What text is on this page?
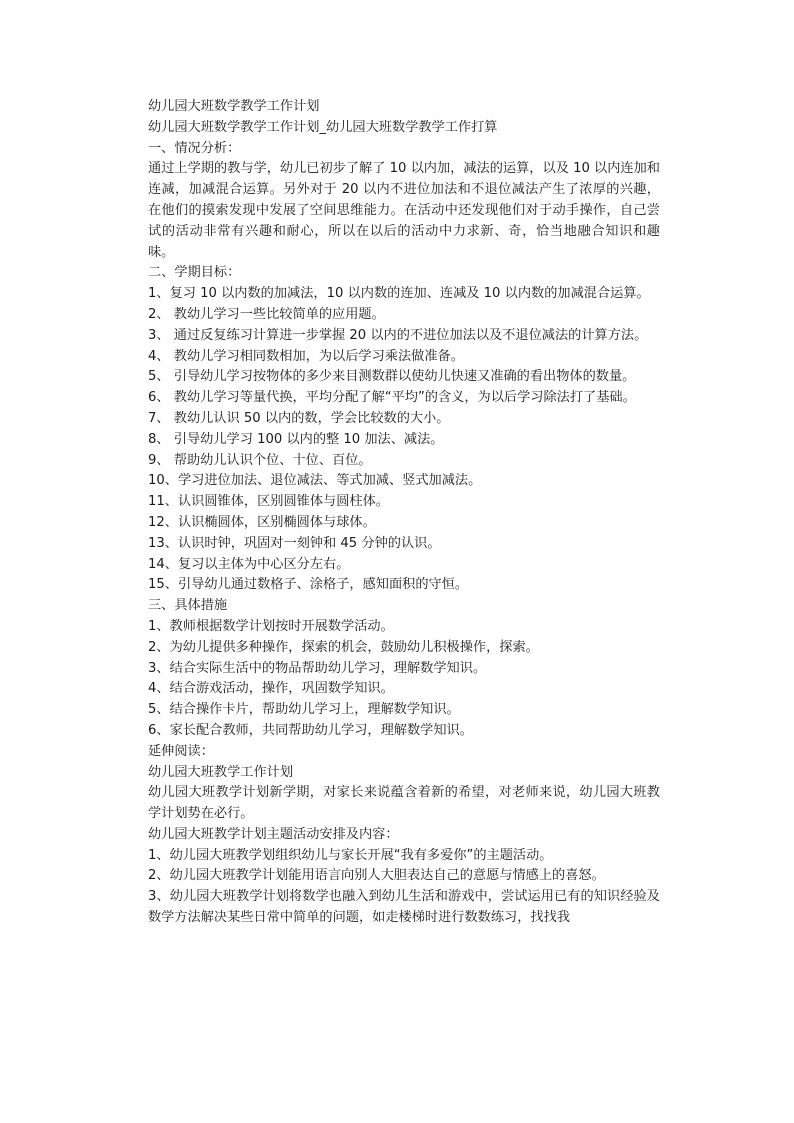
幼儿园大班数学教学工作计划
幼儿园大班数学教学工作计划_幼儿园大班数学教学工作打算
一、情况分析：
通过上学期的教与学，幼儿已初步了解了 10 以内加，减法的运算，以及 10 以内连加和连减，加减混合运算。另外对于 20 以内不进位加法和不退位减法产生了浓厚的兴趣，在他们的摸索发现中发展了空间思维能力。在活动中还发现他们对于动手操作，自己尝试的活动非常有兴趣和耐心，所以在以后的活动中力求新、奇，恰当地融合知识和趣味。
二、学期目标：
1、复习 10 以内数的加减法，10 以内数的连加、连减及 10 以内数的加减混合运算。
2、 教幼儿学习一些比较简单的应用题。
3、 通过反复练习计算进一步掌握 20 以内的不进位加法以及不退位减法的计算方法。
4、 教幼儿学习相同数相加，为以后学习乘法做准备。
5、 引导幼儿学习按物体的多少来目测数群以使幼儿快速又准确的看出物体的数量。
6、 教幼儿学习等量代换，平均分配了解“平均”的含义，为以后学习除法打了基础。
7、 教幼儿认识 50 以内的数，学会比较数的大小。
8、 引导幼儿学习 100 以内的整 10 加法、减法。
9、 帮助幼儿认识个位、十位、百位。
10、学习进位加法、退位减法、等式加减、竖式加减法。
11、认识圆锥体，区别圆锥体与圆柱体。
12、认识椭圆体，区别椭圆体与球体。
13、认识时钟，巩固对一刻钟和 45 分钟的认识。
14、复习以主体为中心区分左右。
15、引导幼儿通过数格子、涂格子，感知面积的守恒。
三、具体措施
1、教师根据数学计划按时开展数学活动。
2、为幼儿提供多种操作，探索的机会，鼓励幼儿积极操作，探索。
3、结合实际生活中的物品帮助幼儿学习，理解数学知识。
4、结合游戏活动，操作，巩固数学知识。
5、结合操作卡片，帮助幼儿学习上，理解数学知识。
6、家长配合教师，共同帮助幼儿学习，理解数学知识。
延伸阅读：
幼儿园大班教学工作计划
幼儿园大班教学计划新学期，对家长来说蕴含着新的希望，对老师来说，幼儿园大班教学计划势在必行。
幼儿园大班教学计划主题活动安排及内容：
1、幼儿园大班教学划组织幼儿与家长开展“我有多爱你”的主题活动。
2、幼儿园大班教学计划能用语言向别人大胆表达自己的意愿与情感上的喜怒。
3、幼儿园大班教学计划将数学也融入到幼儿生活和游戏中，尝试运用已有的知识经验及数学方法解决某些日常中简单的问题，如走楼梯时进行数数练习，找找我
